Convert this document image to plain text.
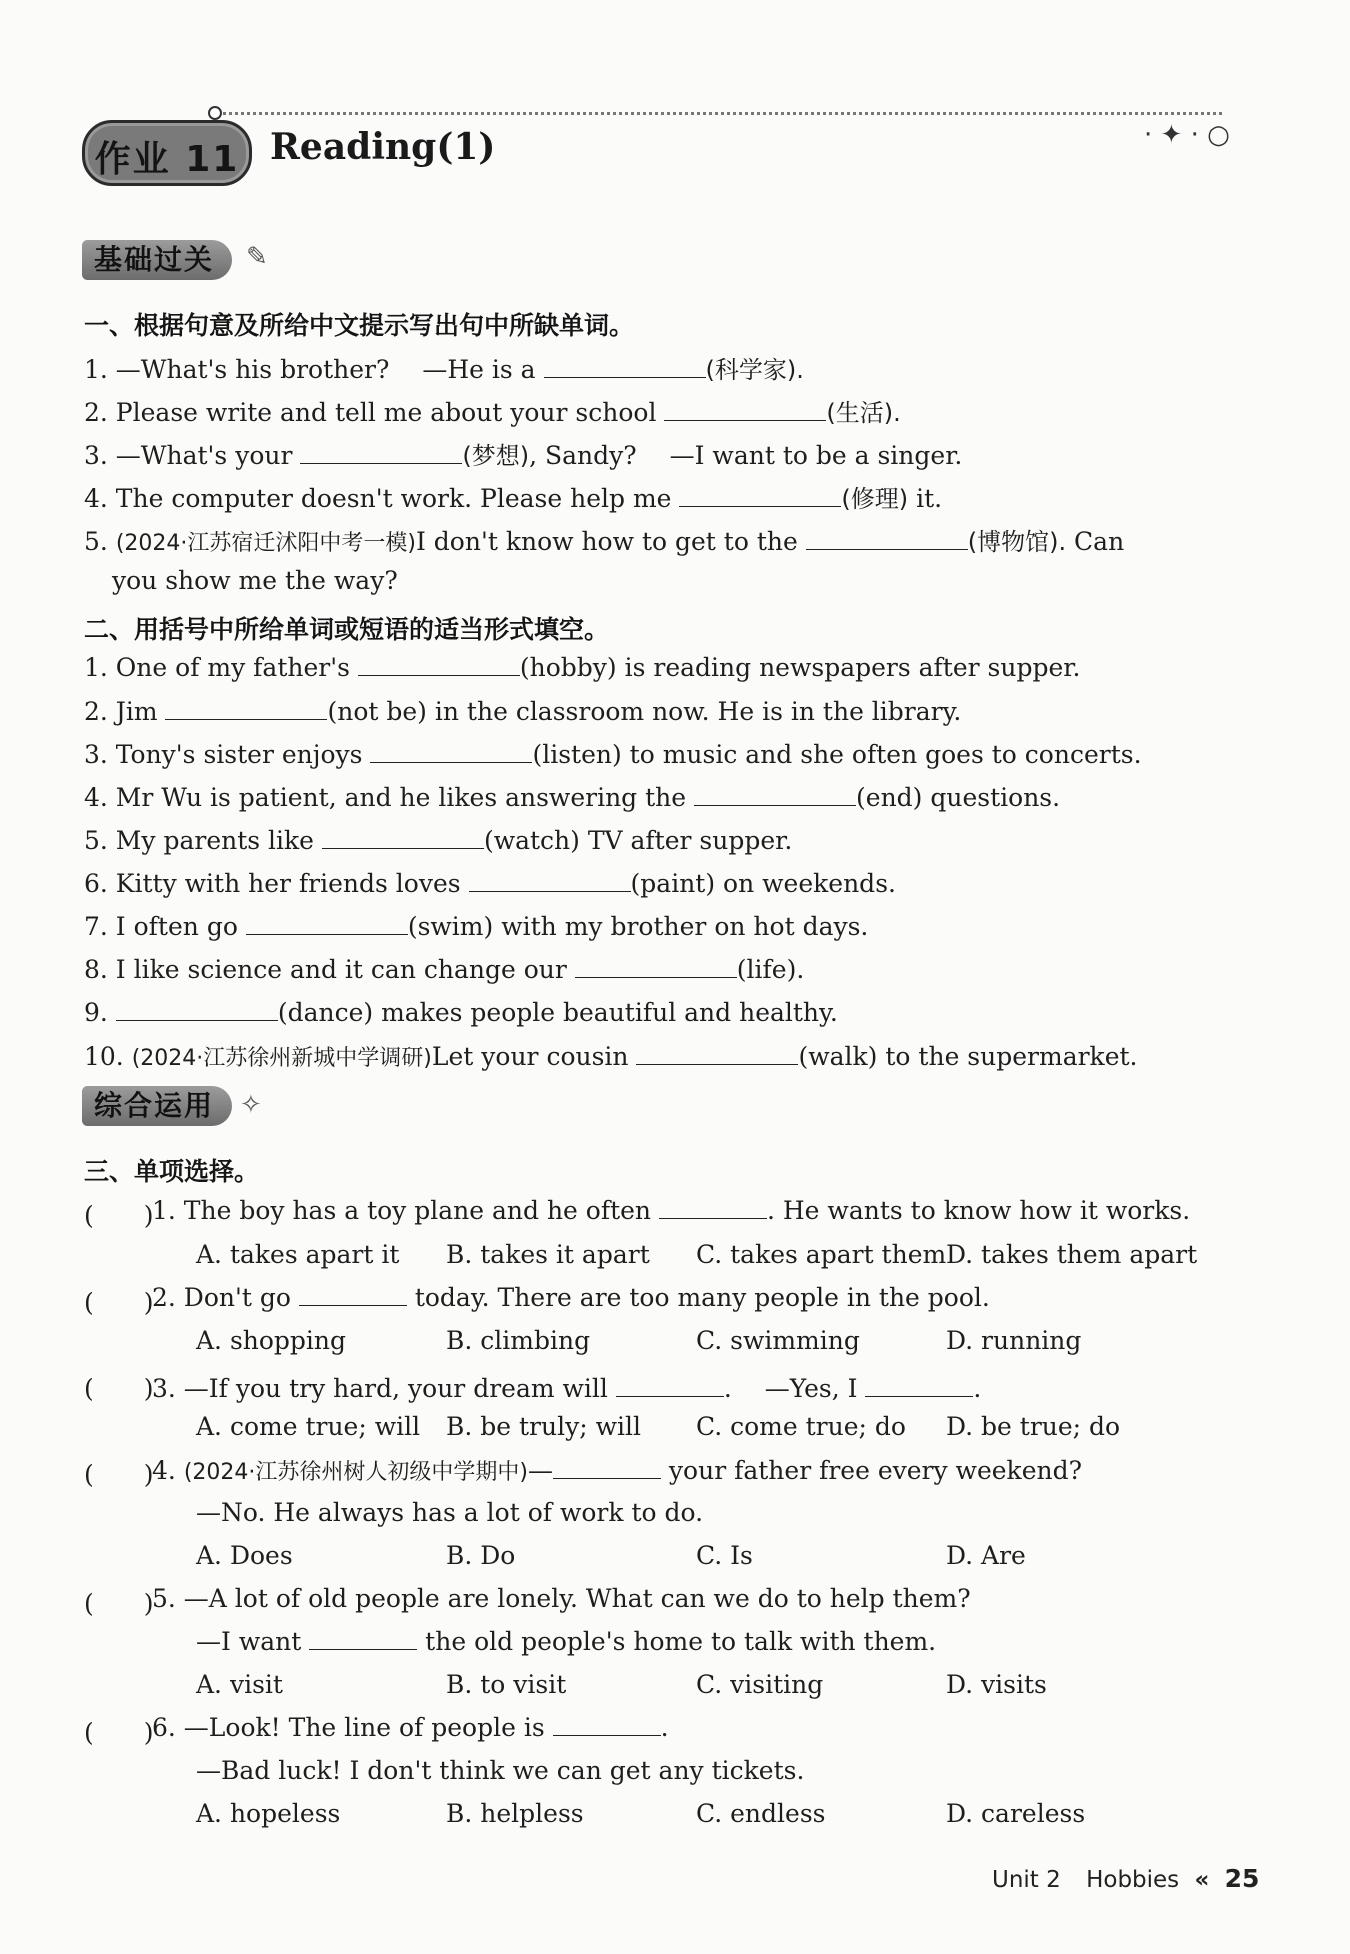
作业 11 Reading(1)	· ✦ · ○
基础过关	✎
一、根据句意及所给中文提示写出句中所缺单词。
1. —What's his brother?　 —He is a	(科学家).
2. Please write and tell me about your school	(生活).
3. —What's your	(梦想), Sandy?　 —I want to be a singer.
4. The computer doesn't work. Please help me	(修理) it.
5. (2024·江苏宿迁沭阳中考一模)I don't know how to get to the	(博物馆). Can
you show me the way?
二、用括号中所给单词或短语的适当形式填空。
1. One of my father's	(hobby) is reading newspapers after supper.
2. Jim	(not be) in the classroom now. He is in the library.
3. Tony's sister enjoys	(listen) to music and she often goes to concerts.
4. Mr Wu is patient, and he likes answering the	(end) questions.
5. My parents like	(watch) TV after supper.
6. Kitty with her friends loves	(paint) on weekends.
7. I often go	(swim) with my brother on hot days.
8. I like science and it can change our	(life).
9.	(dance) makes people beautiful and healthy.
10. (2024·江苏徐州新城中学调研)Let your cousin	(walk) to the supermarket.
综合运用 ✧
三、单项选择。
(　　)
1. The boy has a toy plane and he often	. He wants to know how it works.
A. takes apart it B. takes it apart C. takes apart them D. takes them apart
(　　)
2. Don't go	today. There are too many people in the pool.
A. shopping	B. climbing	C. swimming	D. running
(　　)
3. —If you try hard, your dream will	.　 —Yes, I	.
A. come true; will B. be truly; will C. come true; do D. be true; do
(　　)
4. (2024·江苏徐州树人初级中学期中)—	your father free every weekend?
—No. He always has a lot of work to do.
A. Does	B. Do	C. Is	D. Are
(　　)
5. —A lot of old people are lonely. What can we do to help them?
—I want	the old people's home to talk with them.
A. visit	B. to visit	C. visiting	D. visits
(　　)
6. —Look! The line of people is	.
—Bad luck! I don't think we can get any tickets.
A. hopeless	B. helpless	C. endless	D. careless
Unit 2 Hobbies « 25
